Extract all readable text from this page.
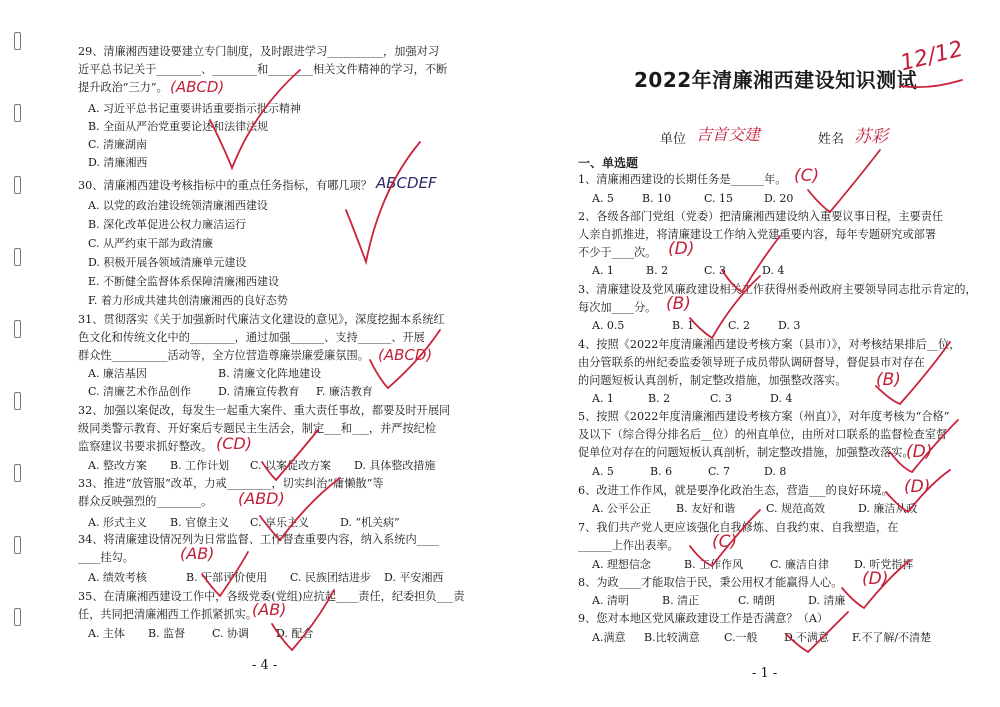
29、清廉湘西建设要建立专门制度，及时跟进学习__________，加强对习
近平总书记关于________、________和________相关文件精神的学习，不断
提升政治“三力”。 (ABCD)
A. 习近平总书记重要讲话重要指示批示精神
B. 全面从严治党重要论述和法律法规
C. 清廉湖南
D. 清廉湘西
30、清廉湘西建设考核指标中的重点任务指标，有哪几项？ ABCDEF
A. 以党的政治建设统领清廉湘西建设
B. 深化改革促进公权力廉洁运行
C. 从严约束干部为政清廉
D. 积极开展各领域清廉单元建设
E. 不断健全监督体系保障清廉湘西建设
F. 着力形成共建共创清廉湘西的良好态势
31、贯彻落实《关于加强新时代廉洁文化建设的意见》，深度挖掘本系统红
色文化和传统文化中的________，通过加强______、支持______、开展
群众性__________活动等，全方位营造尊廉崇廉爱廉氛围。 (ABCD)
A. 廉洁基因	B. 清廉文化阵地建设
C. 清廉艺术作品创作 D. 清廉宣传教育 F. 廉洁教育
32、加强以案促改，每发生一起重大案件、重大责任事故，都要及时开展同
级同类警示教育、开好案后专题民主生活会，制定___和___，并严按纪检
监察建议书要求抓好整改。 (CD)
A. 整改方案 B. 工作计划 C. 以案促改方案 D. 具体整改措施
33、推进“放管服”改革，力戒________，切实纠治“庸懒散”等
群众反映强烈的________。 (ABD)
A. 形式主义 B. 官僚主义 C. 享乐主义	D. “机关病”
34、将清廉建设情况列为日常监督、工作督查重要内容，纳入系统内____
____挂勾。	(AB)
A. 绩效考核	B. 干部评价使用 C. 民族团结进步 D. 平安湘西
35、在清廉湘西建设工作中，各级党委(党组)应抗起____责任，纪委担负___责
任，共同把清廉湘西工作抓紧抓实。
(AB)
A. 主体 B. 监督 C. 协调 D. 配合
- 4 -
2022年清廉湘西建设知识测试
12/12
单位 吉首交建	姓名 苏彩
一、单选题
1、清廉湘西建设的长期任务是______年。 (C)
A. 5	B. 10	C. 15	D. 20
2、各级各部门党组（党委）把清廉湘西建设纳入重要议事日程，主要责任
人亲自抓推进，将清廉建设工作纳入党建重要内容，每年专题研究或部署
不少于____次。 (D)
A. 1	B. 2	C. 3	D. 4
3、清廉建设及党风廉政建设相关工作获得州委州政府主要领导同志批示肯定的，
每次加____分。 (B)
A. 0.5	B. 1	C. 2	D. 3
4、按照《2022年度清廉湘西建设考核方案（县市）》，对考核结果排后__位，
由分管联系的州纪委监委领导班子成员带队调研督导，督促县市对存在
的问题短板认真剖析，制定整改措施，加强整改落实。 (B)
A. 1	B. 2	C. 3	D. 4
5、按照《2022年度清廉湘西建设考核方案（州直）》，对年度考核为“合格”
及以下（综合得分排名后__位）的州直单位，由所对口联系的监督检查室督
促单位对存在的问题短板认真剖析，制定整改措施，加强整改落实。
(D)
A. 5	B. 6	C. 7	D. 8
6、改进工作作风，就是要净化政治生态，营造___的良好环境。 (D)
A. 公平公正 B. 友好和谐	C. 规范高效	D. 廉洁从政
7、我们共产党人更应该强化自我修炼、自我约束、自我塑造，在
______上作出表率。 (C)
A. 理想信念	B. 工作作风 C. 廉洁自律 D. 听党指挥
8、为政____才能取信于民，秉公用权才能赢得人心。 (D)
A. 清明	B. 清正	C. 晴朗	D. 清廉
9、您对本地区党风廉政建设工作是否满意？（A）
A.满意 B.比较满意 C.一般 D.不满意 F.不了解/不清楚
- 1 -
